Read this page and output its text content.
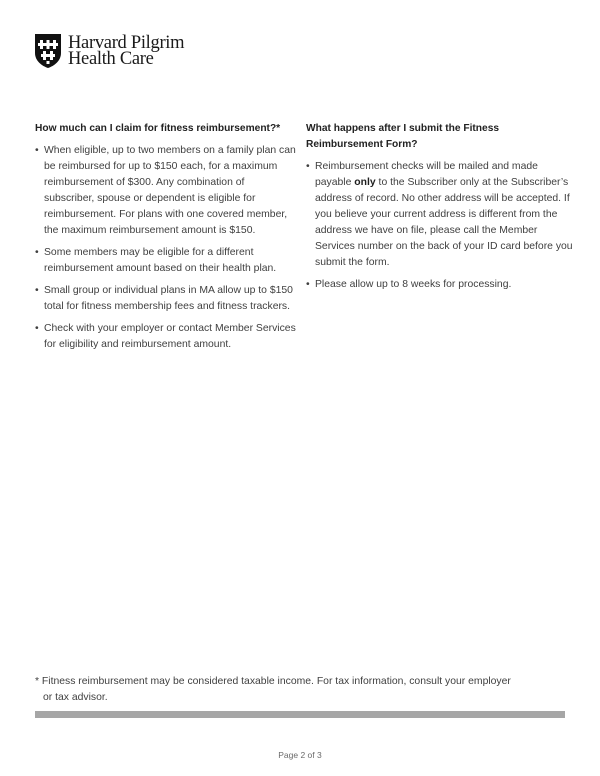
Harvard Pilgrim
Health Care
How much can I claim for fitness reimbursement?*
• When eligible, up to two members on a family plan can be reimbursed for up to $150 each, for a maximum reimbursement of $300. Any combination of subscriber, spouse or dependent is eligible for reimbursement. For plans with one covered member, the maximum reimbursement amount is $150.
• Some members may be eligible for a different reimbursement amount based on their health plan.
• Small group or individual plans in MA allow up to $150 total for fitness membership fees and fitness trackers.
• Check with your employer or contact Member Services for eligibility and reimbursement amount.
What happens after I submit the Fitness Reimbursement Form?
• Reimbursement checks will be mailed and made payable only to the Subscriber only at the Subscriber’s address of record. No other address will be accepted. If you believe your current address is different from the address we have on file, please call the Member Services number on the back of your ID card before you submit the form.
• Please allow up to 8 weeks for processing.
* Fitness reimbursement may be considered taxable income. For tax information, consult your employer
or tax advisor.
Page 2 of 3
